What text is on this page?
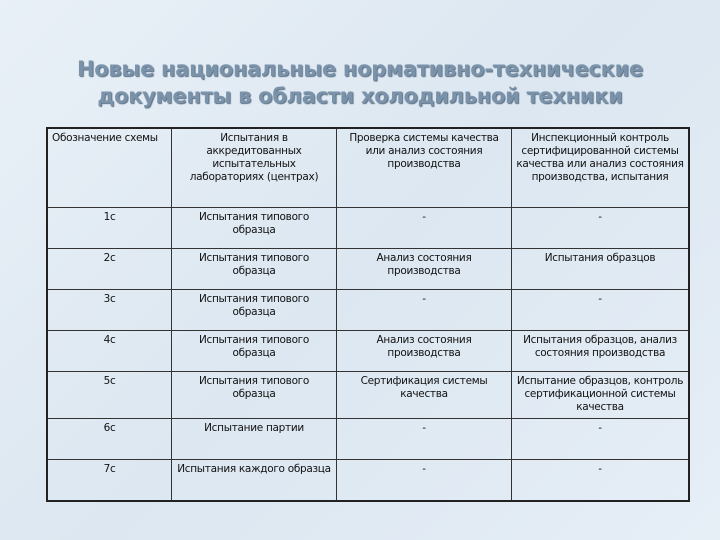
Новые национальные нормативно-технические
документы в области холодильной техники
Обозначение схемы	Испытания в аккредитованных испытательных лабораториях (центрах)	Проверка системы качества или анализ состояния производства	Инспекционный контроль сертифицированной системы качества или анализ состояния производства, испытания
1с	Испытания типового образца	-	-
2с	Испытания типового образца	Анализ состояния производства	Испытания образцов
3с	Испытания типового образца	-	-
4с	Испытания типового образца	Анализ состояния производства	Испытания образцов, анализ состояния производства
5с	Испытания типового образца	Сертификация системы качества	Испытание образцов, контроль сертификационной системы качества
6с	Испытание партии	-	-
7с	Испытания каждого образца	-	-
